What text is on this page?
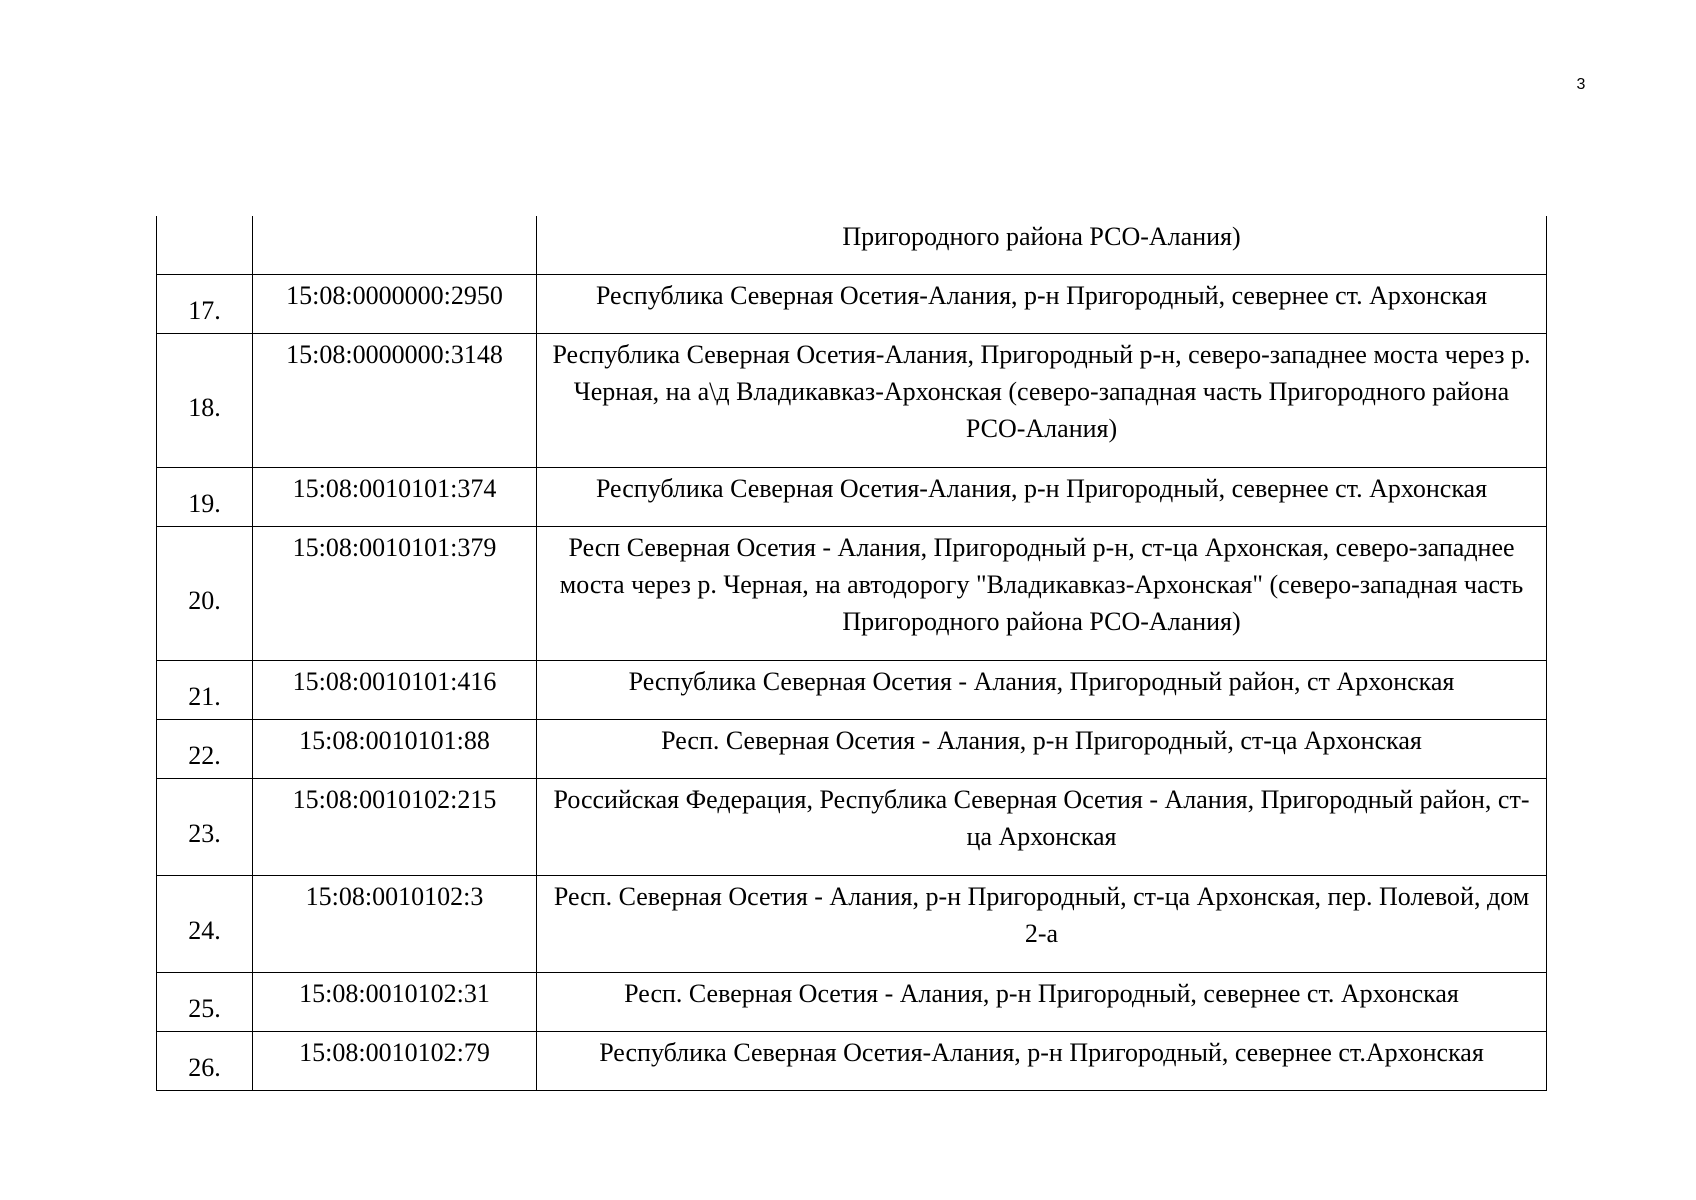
3
		Пригородного района РСО-Алания)
17.	15:08:0000000:2950	Республика Северная Осетия-Алания, р-н Пригородный, севернее ст. Архонская
18.	15:08:0000000:3148	Республика Северная Осетия-Алания, Пригородный р-н, северо-западнее моста через р. Черная, на а\д Владикавказ-Архонская (северо-западная часть Пригородного района РСО-Алания)
19.	15:08:0010101:374	Республика Северная Осетия-Алания, р-н Пригородный, севернее ст. Архонская
20.	15:08:0010101:379	Респ Северная Осетия - Алания, Пригородный р-н, ст-ца Архонская, северо-западнее моста через р. Черная, на автодорогу "Владикавказ-Архонская" (северо-западная часть Пригородного района РСО-Алания)
21.	15:08:0010101:416	Республика Северная Осетия - Алания, Пригородный район, ст Архонская
22.	15:08:0010101:88	Респ. Северная Осетия - Алания, р-н Пригородный, ст-ца Архонская
23.	15:08:0010102:215	Российская Федерация, Республика Северная Осетия - Алания, Пригородный район, ст-ца Архонская
24.	15:08:0010102:3	Респ. Северная Осетия - Алания, р-н Пригородный, ст-ца Архонская, пер. Полевой, дом 2-а
25.	15:08:0010102:31	Респ. Северная Осетия - Алания, р-н Пригородный, севернее ст. Архонская
26.	15:08:0010102:79	Республика Северная Осетия-Алания, р-н Пригородный, севернее ст.Архонская
